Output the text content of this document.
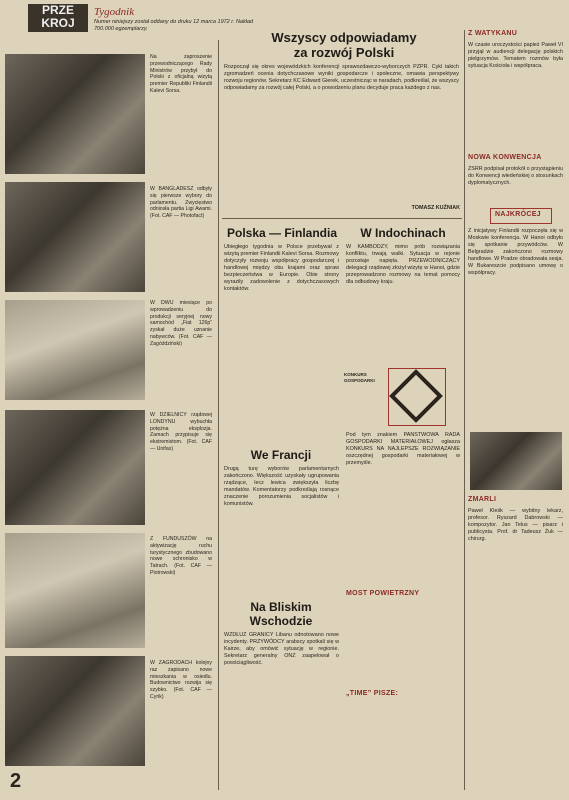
PRZE KROJ
Tygodnik
Numer niniejszy został oddany do druku 12 marca 1972 r. Nakład 700.000 egzemplarzy.
Na zaproszenie przewodniczącego Rady Ministrów przybył do Polski z oficjalną wizytą premier Republiki Finlandii Kalevi Sorsa.
W BANGLADESZ odbyły się pierwsze wybory do parlamentu. Zwycięstwo odniosła partia Ligi Awami. (Fot. CAF — Photofact)
W DWU miesiące po wprowadzeniu do produkcji seryjnej nowy samochód „Fiat 126p” zyskał duże uznanie nabywców. (Fot. CAF — Zagóździński)
W DZIELNICY rządowej LONDYNU wybuchła potężna eksplozja. Zamach przypisuje się ekstremistom. (Fot. CAF — Unifax)
Z FUNDUSZÓW na aktywizację ruchu turystycznego zbudowano nowe schronisko w Tatrach. (Fot. CAF — Piotrowski)
W ZAGRODACH kolejny raz zapisano nowe mieszkania w osiedlu. Budownictwo rozwija się szybko. (Fot. CAF — Cyrik)
Wszyscy odpowiadamy za rozwój Polski
Rozpoczął się okres wojewódzkich konferencji sprawozdawczo-wyborczych PZPR. Cykl takich zgromadzeń ocenia dotychczasowe wyniki gospodarcze i społeczne, omawia perspektywy rozwoju regionów. Sekretarz KC Edward Gierek, uczestnicząc w naradach, podkreślał, że wszyscy odpowiadamy za rozwój całej Polski, a o powodzeniu planu decyduje praca każdego z nas.
TOMASZ KUŹNIAK
Polska — Finlandia
Ubiegłego tygodnia w Polsce przebywał z wizytą premier Finlandii Kalevi Sorsa. Rozmowy dotyczyły rozwoju współpracy gospodarczej i handlowej między obu krajami oraz spraw bezpieczeństwa w Europie. Obie strony wyraziły zadowolenie z dotychczasowych kontaktów.
W Indochinach
W KAMBODŻY, mimo prób rozwiązania konfliktu, trwają walki. Sytuacja w rejonie pozostaje napięta. PRZEWODNICZĄCY delegacji rządowej złożył wizytę w Hanoi, gdzie przeprowadzono rozmowy na temat pomocy dla odbudowy kraju.
KONKURS GOSPODARKI
Pod tym znakiem PAŃSTWOWA RADA GOSPODARKI MATERIAŁOWEJ ogłasza KONKURS NA NAJLEPSZE ROZWIĄZANIE oszczędnej gospodarki materiałowej w przemyśle.
We Francji
Drugą turę wyborów parlamentarnych zakończono. Większość uzyskały ugrupowania rządzące, lecz lewica zwiększyła liczbę mandatów. Komentatorzy podkreślają rosnące znaczenie porozumienia socjalistów i komunistów.
Na Bliskim Wschodzie
WZDŁUŻ GRANICY Libanu odnotowano nowe incydenty. PRZYWÓDCY arabscy spotkali się w Kairze, aby omówić sytuację w regionie. Sekretarz generalny ONZ zaapelował o powściągliwość.
MOST POWIETRZNY
„TIME” PISZE:
Z WATYKANU
W czasie uroczystości papież Paweł VI przyjął w audiencji delegację polskich pielgrzymów. Tematem rozmów była sytuacja Kościoła i współpraca.
NOWA KONWENCJA
ZSRR podpisał protokół o przystąpieniu do Konwencji wiedeńskiej o stosunkach dyplomatycznych.
NAJKRÓCEJ
Z inicjatywy Finlandii rozpoczęła się w Moskwie konferencja. W Hanoi odbyło się spotkanie przywódców. W Belgradzie zakończono rozmowy handlowe. W Pradze obradowała sesja. W Bukareszcie podpisano umowę o współpracy.
ZMARLI
Paweł Kleśk — wybitny lekarz, profesor. Ryszard Dabrowski — kompozytor. Jan Telus — pisarz i publicysta. Prof. dr Tadeusz Żuk — chirurg.
2
